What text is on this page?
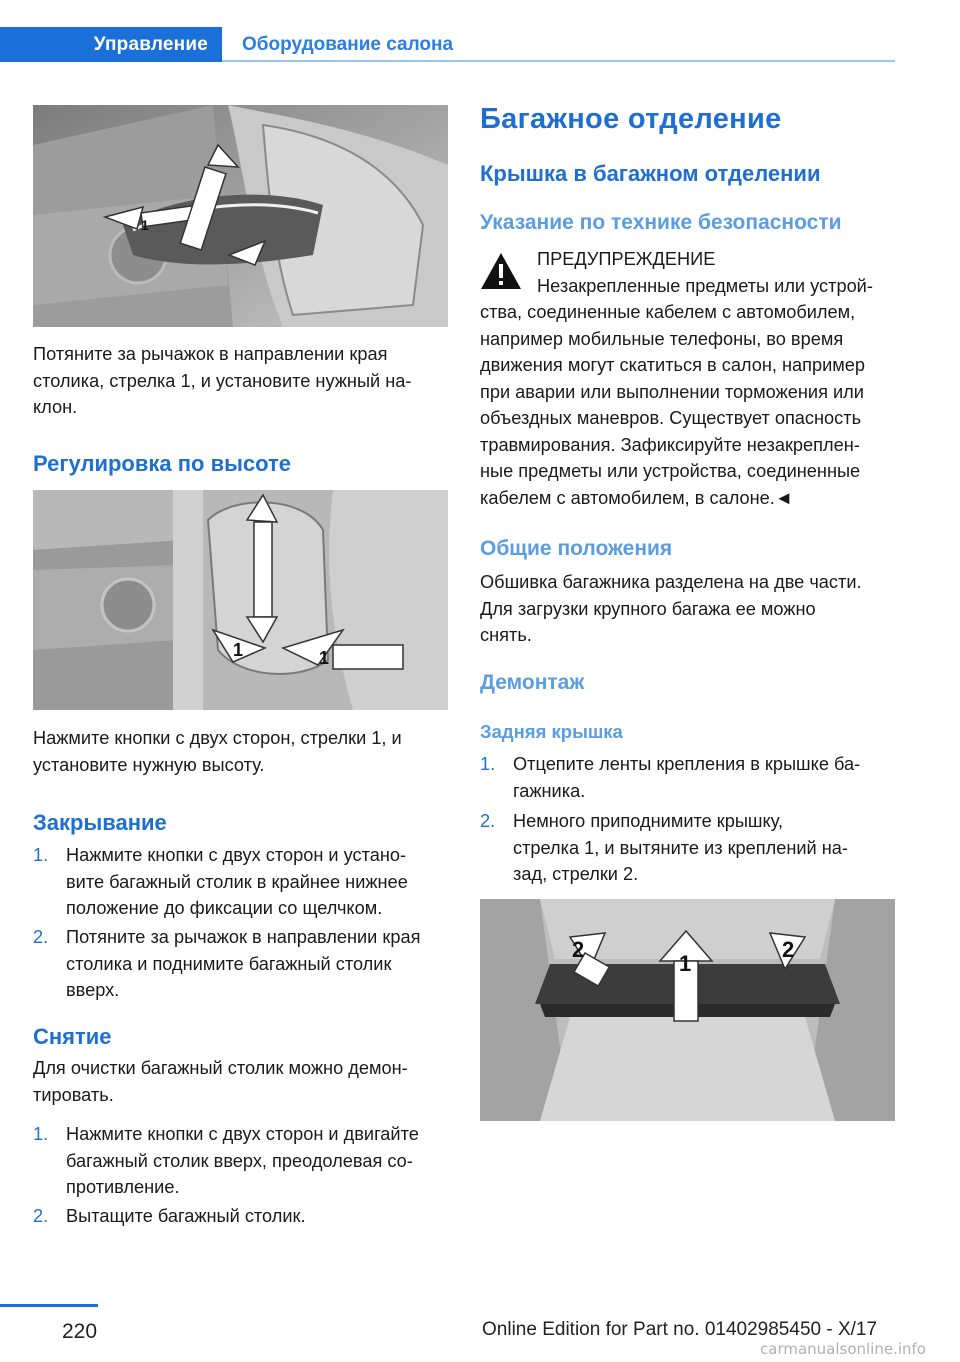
Управление	Оборудование салона
1

Потяните за рычажок в направлении края

столика, стрелка 1, и установите нужный на-

клон.

Регулировка по высоте
1	1

Нажмите кнопки с двух сторон, стрелки 1, и

установите нужную высоту.

Закрывание
1. Нажмите кнопки с двух сторон и устано-
вите багажный столик в крайнее нижнее
положение до фиксации со щелчком.
2. Потяните за рычажок в направлении края
столика и поднимите багажный столик
вверх.
Снятие

Для очистки багажный столик можно демон-

тировать.

1. Нажмите кнопки с двух сторон и двигайте
багажный столик вверх, преодолевая со-
противление.
2. Вытащите багажный столик.
Багажное отделение
Крышка в багажном отделении
Указание по технике безопасности
ПРЕДУПРЕЖДЕНИЕ

Незакрепленные предметы или устрой-

ства, соединенные кабелем с автомобилем,

например мобильные телефоны, во время

движения могут скатиться в салон, например

при аварии или выполнении торможения или

объездных маневров. Существует опасность

травмирования. Зафиксируйте незакреплен-

ные предметы или устройства, соединенные

кабелем с автомобилем, в салоне.◄

Общие положения

Обшивка багажника разделена на две части.

Для загрузки крупного багажа ее можно

снять.

Демонтаж
Задняя крышка
1. Отцепите ленты крепления в крышке ба-
гажника.
2. Немного приподнимите крышку,
стрелка 1, и вытяните из креплений на-
зад, стрелки 2.
2
1
2
220	Online Edition for Part no. 01402985450 - X/17
carmanualsonline.info
